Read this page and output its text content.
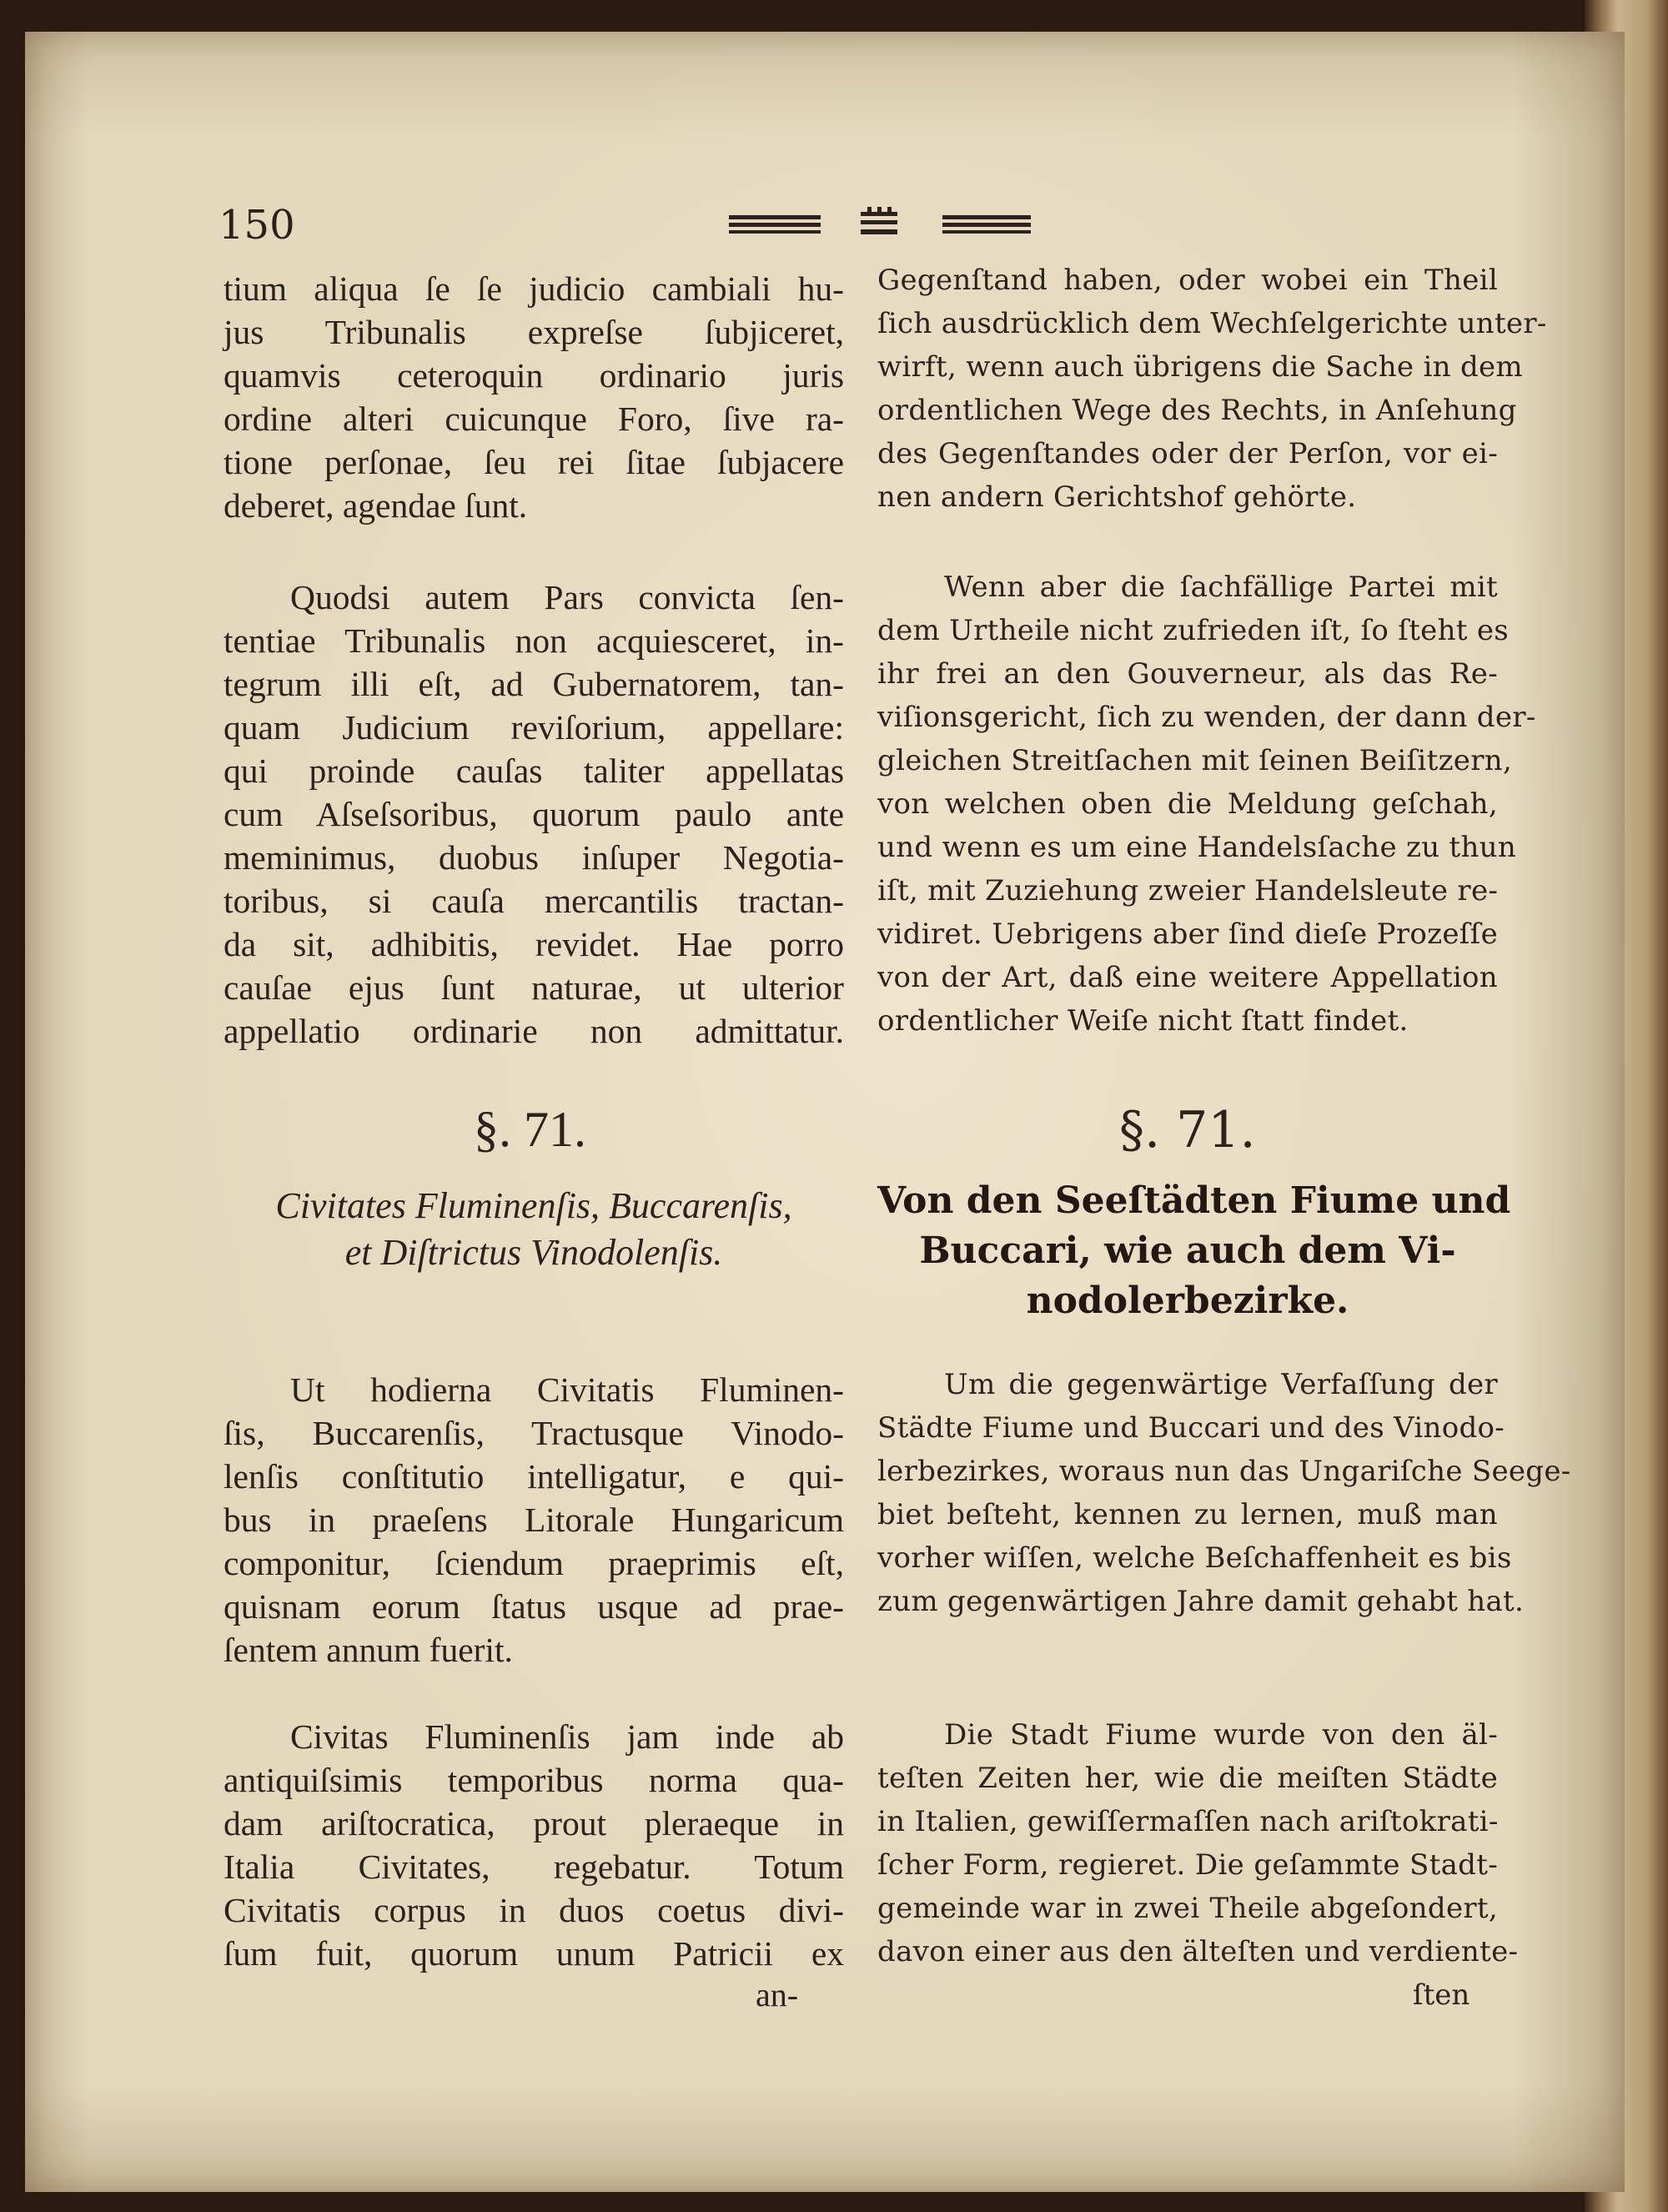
150
tium aliqua ſe ſe judicio cambiali hu-
jus Tribunalis expreſse ſubjiceret,
quamvis ceteroquin ordinario juris
ordine alteri cuicunque Foro, ſive ra-
tione perſonae, ſeu rei ſitae ſubjacere
deberet, agendae ſunt.
Quodsi autem Pars convicta ſen-
tentiae Tribunalis non acquiesceret, in-
tegrum illi eſt, ad Gubernatorem, tan-
quam Judicium reviſorium, appellare:
qui proinde cauſas taliter appellatas
cum Aſseſsoribus, quorum paulo ante
meminimus, duobus inſuper Negotia-
toribus, si cauſa mercantilis tractan-
da sit, adhibitis, revidet. Hae porro
cauſae ejus ſunt naturae, ut ulterior
appellatio ordinarie non admittatur.
§. 71.
Civitates Fluminenſis, Buccarenſis,
et Diſtrictus Vinodolenſis.
Ut hodierna Civitatis Fluminen-
ſis, Buccarenſis, Tractusque Vinodo-
lenſis conſtitutio intelligatur, e qui-
bus in praeſens Litorale Hungaricum
componitur, ſciendum praeprimis eſt,
quisnam eorum ſtatus usque ad prae-
ſentem annum fuerit.
Civitas Fluminenſis jam inde ab
antiquiſsimis temporibus norma qua-
dam ariſtocratica, prout pleraeque in
Italia Civitates, regebatur. Totum
Civitatis corpus in duos coetus divi-
ſum fuit, quorum unum Patricii ex
an-
Gegenſtand haben, oder wobei ein Theil
ſich ausdrücklich dem Wechſelgerichte unter-
wirft, wenn auch übrigens die Sache in dem
ordentlichen Wege des Rechts, in Anſehung
des Gegenſtandes oder der Perſon, vor ei-
nen andern Gerichtshof gehörte.
Wenn aber die ſachfällige Partei mit
dem Urtheile nicht zufrieden iſt, ſo ſteht es
ihr frei an den Gouverneur, als das Re-
viſionsgericht, ſich zu wenden, der dann der-
gleichen Streitſachen mit ſeinen Beiſitzern,
von welchen oben die Meldung geſchah,
und wenn es um eine Handelsſache zu thun
iſt, mit Zuziehung zweier Handelsleute re-
vidiret. Uebrigens aber ſind dieſe Prozeſſe
von der Art, daß eine weitere Appellation
ordentlicher Weiſe nicht ſtatt findet.
§. 71.
Von den Seeſtädten Fiume und
Buccari, wie auch dem Vi-
nodolerbezirke.
Um die gegenwärtige Verfaſſung der
Städte Fiume und Buccari und des Vinodo-
lerbezirkes, woraus nun das Ungariſche Seege-
biet beſteht, kennen zu lernen, muß man
vorher wiſſen, welche Beſchaffenheit es bis
zum gegenwärtigen Jahre damit gehabt hat.
Die Stadt Fiume wurde von den äl-
teſten Zeiten her, wie die meiſten Städte
in Italien, gewiſſermaſſen nach ariſtokrati-
ſcher Form, regieret. Die geſammte Stadt-
gemeinde war in zwei Theile abgeſondert,
davon einer aus den älteſten und verdiente-
ſten
